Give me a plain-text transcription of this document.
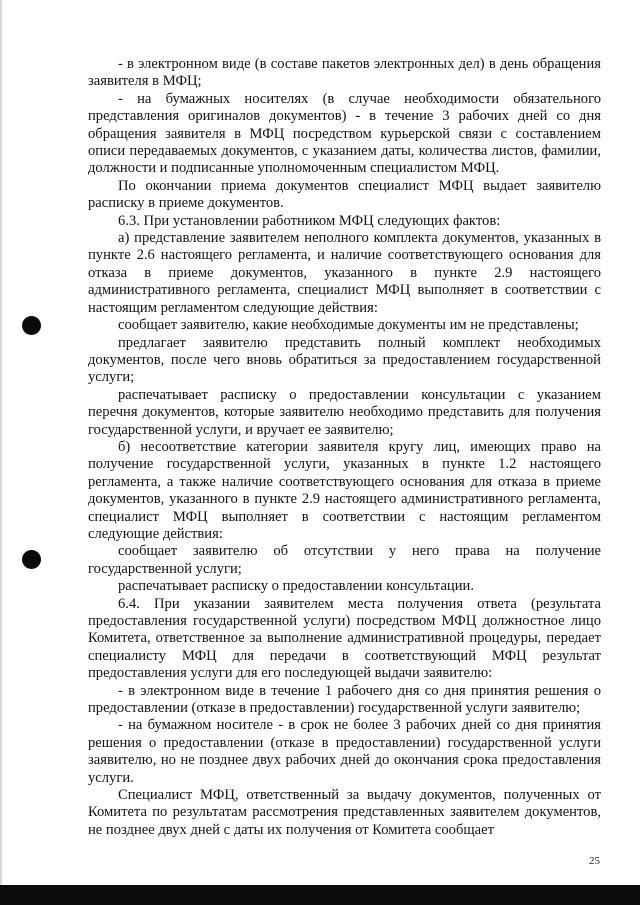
- в электронном виде (в составе пакетов электронных дел) в день обращения заявителя в МФЦ;

- на бумажных носителях (в случае необходимости обязательного представления оригиналов документов) - в течение 3 рабочих дней со дня обращения заявителя в МФЦ посредством курьерской связи с составлением описи передаваемых документов, с указанием даты, количества листов, фамилии, должности и подписанные уполномоченным специалистом МФЦ.

По окончании приема документов специалист МФЦ выдает заявителю расписку в приеме документов.

6.3. При установлении работником МФЦ следующих фактов:

а) представление заявителем неполного комплекта документов, указанных в пункте 2.6 настоящего регламента, и наличие соответствующего основания для отказа в приеме документов, указанного в пункте 2.9 настоящего административного регламента, специалист МФЦ выполняет в соответствии с настоящим регламентом следующие действия:

сообщает заявителю, какие необходимые документы им не представлены;

предлагает заявителю представить полный комплект необходимых документов, после чего вновь обратиться за предоставлением государственной услуги;

распечатывает расписку о предоставлении консультации с указанием перечня документов, которые заявителю необходимо представить для получения государственной услуги, и вручает ее заявителю;

б) несоответствие категории заявителя кругу лиц, имеющих право на получение государственной услуги, указанных в пункте 1.2 настоящего регламента, а также наличие соответствующего основания для отказа в приеме документов, указанного в пункте 2.9 настоящего административного регламента, специалист МФЦ выполняет в соответствии с настоящим регламентом следующие действия:

сообщает заявителю об отсутствии у него права на получение государственной услуги;

распечатывает расписку о предоставлении консультации.

6.4. При указании заявителем места получения ответа (результата предоставления государственной услуги) посредством МФЦ должностное лицо Комитета, ответственное за выполнение административной процедуры, передает специалисту МФЦ для передачи в соответствующий МФЦ результат предоставления услуги для его последующей выдачи заявителю:

- в электронном виде в течение 1 рабочего дня со дня принятия решения о предоставлении (отказе в предоставлении) государственной услуги заявителю;

- на бумажном носителе - в срок не более 3 рабочих дней со дня принятия решения о предоставлении (отказе в предоставлении) государственной услуги заявителю, но не позднее двух рабочих дней до окончания срока предоставления услуги.

Специалист МФЦ, ответственный за выдачу документов, полученных от Комитета по результатам рассмотрения представленных заявителем документов, не позднее двух дней с даты их получения от Комитета сообщает

25
